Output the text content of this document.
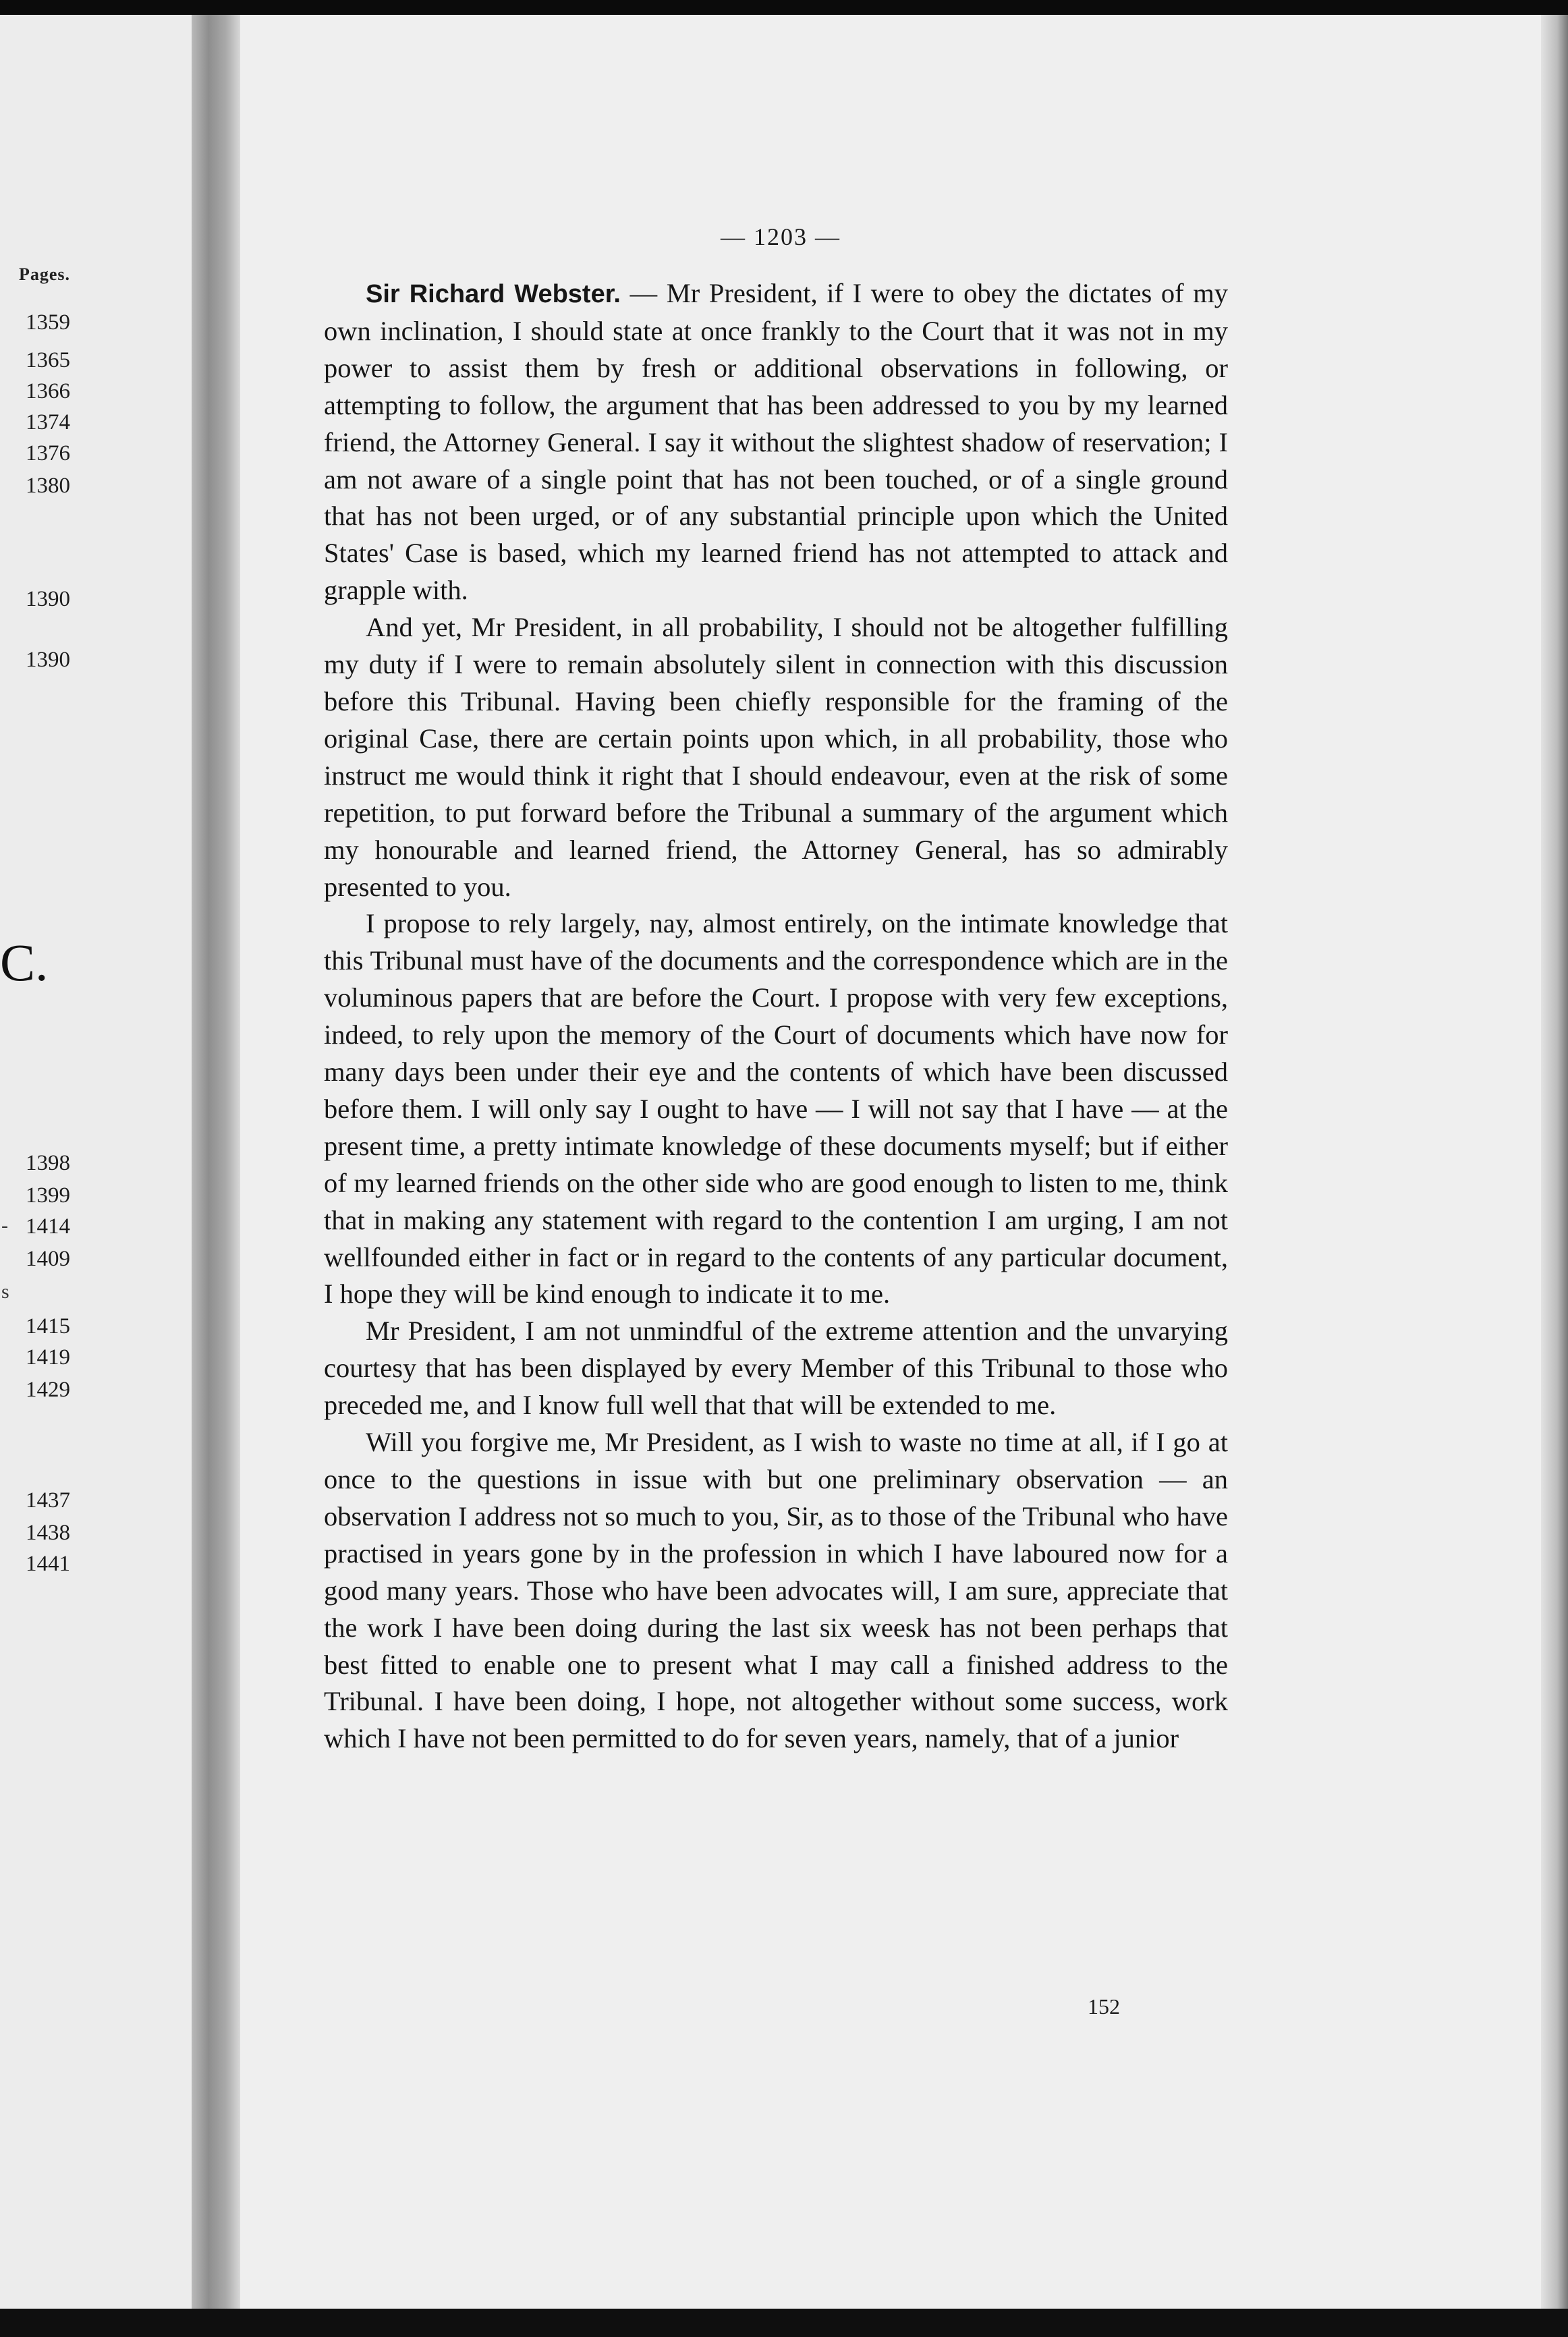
Pages.
1359
1365
1366
1374
1376
1380
1390
1390
1398
1399
1414
1409
1415
1419
1429
1437
1438
1441
C.
-
s
— 1203 —

Sir Richard Webster. — Mr President, if I were to obey the dictates of my own inclination, I should state at once frankly to the Court that it was not in my power to assist them by fresh or additional observations in following, or attempting to follow, the argument that has been addressed to you by my learned friend, the Attorney General. I say it without the slightest shadow of reservation; I am not aware of a single point that has not been touched, or of a single ground that has not been urged, or of any substantial principle upon which the United States' Case is based, which my learned friend has not attempted to attack and grapple with.

And yet, Mr President, in all probability, I should not be altogether fulfilling my duty if I were to remain absolutely silent in connection with this discussion before this Tribunal. Having been chiefly responsible for the framing of the original Case, there are certain points upon which, in all probability, those who instruct me would think it right that I should endeavour, even at the risk of some repetition, to put forward before the Tribunal a summary of the argument which my honourable and learned friend, the Attorney General, has so admirably presented to you.

I propose to rely largely, nay, almost entirely, on the intimate knowledge that this Tribunal must have of the documents and the correspondence which are in the voluminous papers that are before the Court. I propose with very few exceptions, indeed, to rely upon the memory of the Court of documents which have now for many days been under their eye and the contents of which have been discussed before them. I will only say I ought to have — I will not say that I have — at the present time, a pretty intimate knowledge of these documents myself; but if either of my learned friends on the other side who are good enough to listen to me, think that in making any statement with regard to the contention I am urging, I am not wellfounded either in fact or in regard to the contents of any particular document, I hope they will be kind enough to indicate it to me.

Mr President, I am not unmindful of the extreme attention and the unvarying courtesy that has been displayed by every Member of this Tribunal to those who preceded me, and I know full well that that will be extended to me.

Will you forgive me, Mr President, as I wish to waste no time at all, if I go at once to the questions in issue with but one preliminary observation — an observation I address not so much to you, Sir, as to those of the Tribunal who have practised in years gone by in the profession in which I have laboured now for a good many years. Those who have been advocates will, I am sure, appreciate that the work I have been doing during the last six weesk has not been perhaps that best fitted to enable one to present what I may call a finished address to the Tribunal. I have been doing, I hope, not altogether without some success, work which I have not been permitted to do for seven years, namely, that of a junior

152
